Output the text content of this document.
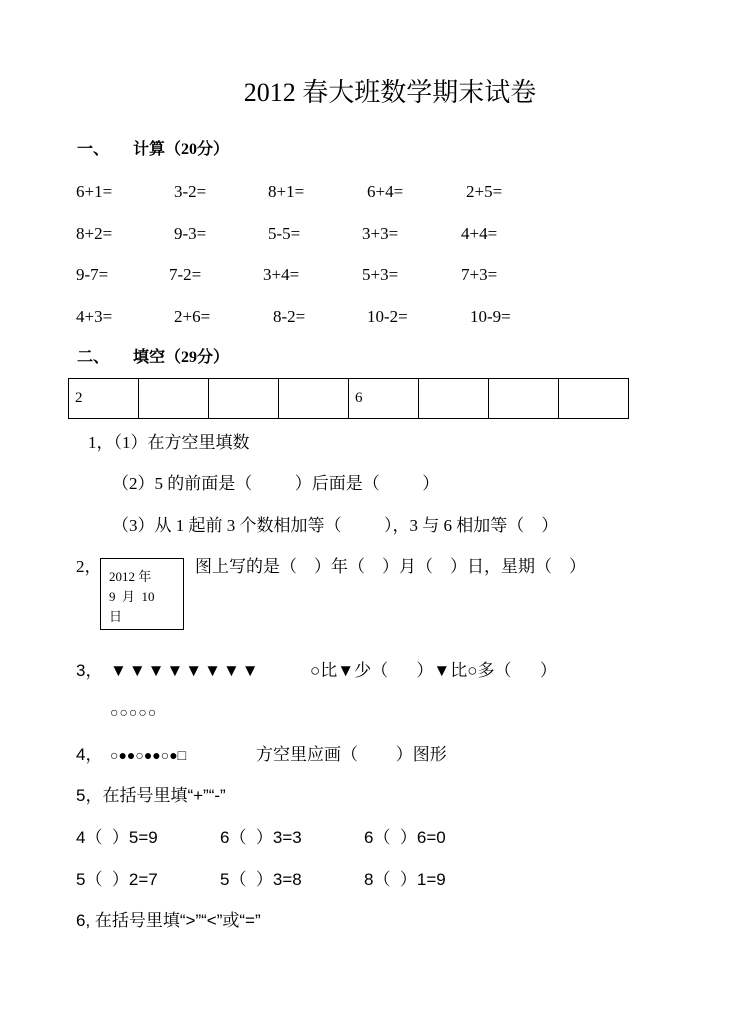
2012 春大班数学期末试卷
一、 计算（20分）
6+1=	3-2=	8+1=	6+4=	2+5=
8+2=	9-3=	5-5=	3+3=	4+4=
9-7=	7-2=	3+4=	5+3=	7+3=
4+3=	2+6=	8-2=	10-2=	10-9=
二、 填空（29分）
2				6			
1，（1）在方空里填数
（2）5 的前面是（          ）后面是（          ）
（3）从 1 起前 3 个数相加等（          ），3 与 6 相加等（    ）
2，
2012 年
9  月  10
日
图上写的是（    ）年（    ）月（    ）日，星期（    ）
3， ▼▼▼▼▼▼▼▼	○比▼少（      ）▼比○多（      ）
○○○○○
4， ○●●○●●○●□	方空里应画（        ）图形
5，在括号里填“+”“-”
4（  ）5=9	6（  ）3=3	6（  ）6=0
5（  ）2=7	5（  ）3=8	8（  ）1=9
6, 在括号里填“>”“<”或“=”
